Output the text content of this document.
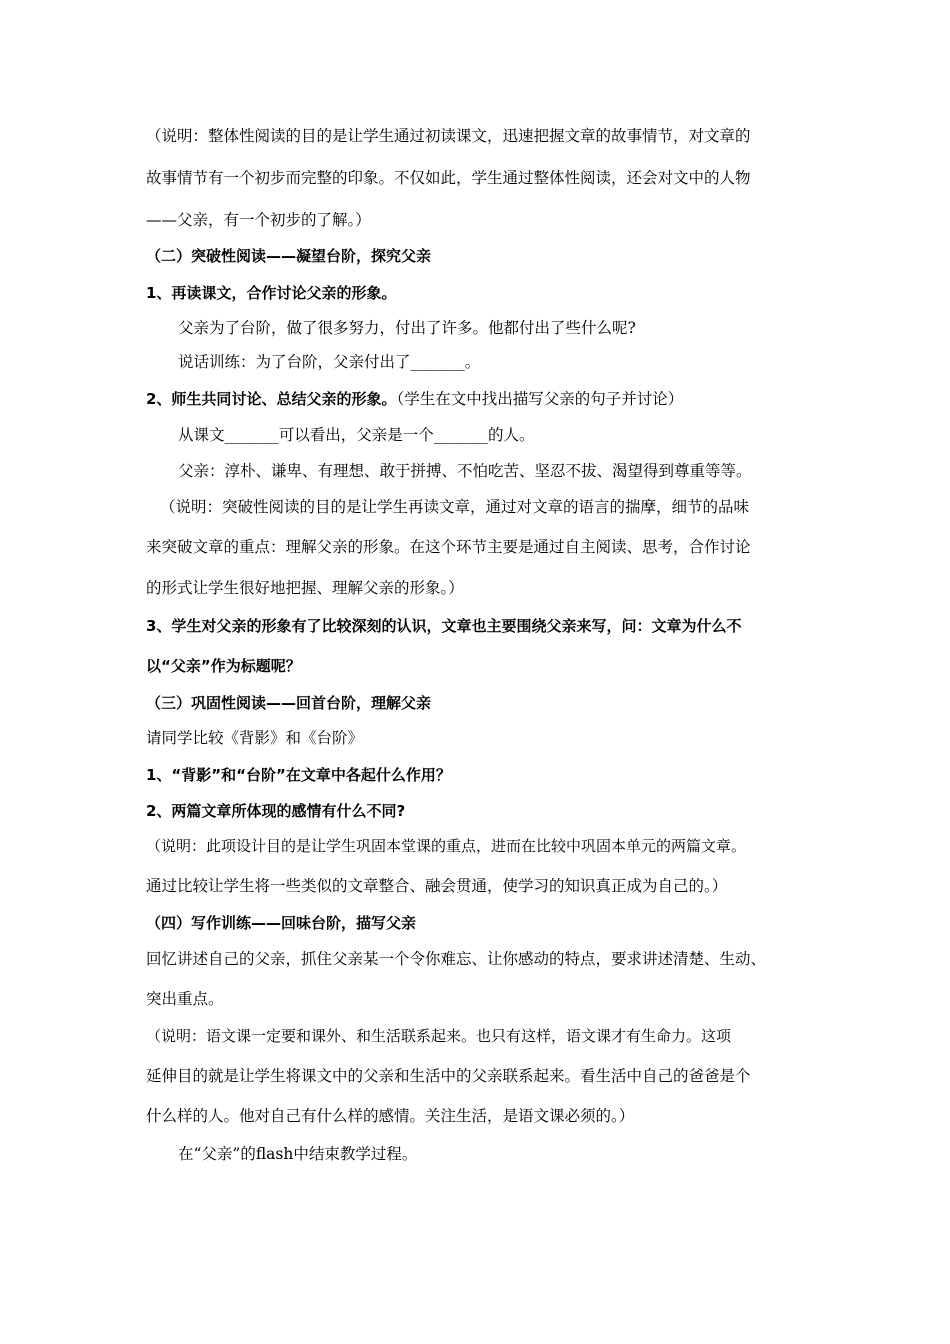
（说明：整体性阅读的目的是让学生通过初读课文，迅速把握文章的故事情节，对文章的
故事情节有一个初步而完整的印象。不仅如此，学生通过整体性阅读，还会对文中的人物
——父亲，有一个初步的了解。）
（二）突破性阅读——凝望台阶，探究父亲
1、再读课文，合作讨论父亲的形象。
父亲为了台阶，做了很多努力，付出了许多。他都付出了些什么呢?
说话训练：为了台阶，父亲付出了_______。
2、师生共同讨论、总结父亲的形象。（学生在文中找出描写父亲的句子并讨论）
从课文_______可以看出，父亲是一个_______的人。
父亲：淳朴、谦卑、有理想、敢于拼搏、不怕吃苦、坚忍不拔、渴望得到尊重等等。
（说明：突破性阅读的目的是让学生再读文章，通过对文章的语言的揣摩，细节的品味
来突破文章的重点：理解父亲的形象。在这个环节主要是通过自主阅读、思考，合作讨论
的形式让学生很好地把握、理解父亲的形象。）
3、学生对父亲的形象有了比较深刻的认识，文章也主要围绕父亲来写，问：文章为什么不
以“父亲”作为标题呢？
（三）巩固性阅读——回首台阶，理解父亲
请同学比较《背影》和《台阶》
1、“背影”和“台阶”在文章中各起什么作用？
2、两篇文章所体现的感情有什么不同?
（说明：此项设计目的是让学生巩固本堂课的重点，进而在比较中巩固本单元的两篇文章。
通过比较让学生将一些类似的文章整合、融会贯通，使学习的知识真正成为自己的。）
（四）写作训练——回味台阶，描写父亲
回忆讲述自己的父亲，抓住父亲某一个令你难忘、让你感动的特点，要求讲述清楚、生动、
突出重点。
（说明：语文课一定要和课外、和生活联系起来。也只有这样，语文课才有生命力。这项
延伸目的就是让学生将课文中的父亲和生活中的父亲联系起来。看生活中自己的爸爸是个
什么样的人。他对自己有什么样的感情。关注生活，是语文课必须的。）
在“父亲”的flash中结束教学过程。
